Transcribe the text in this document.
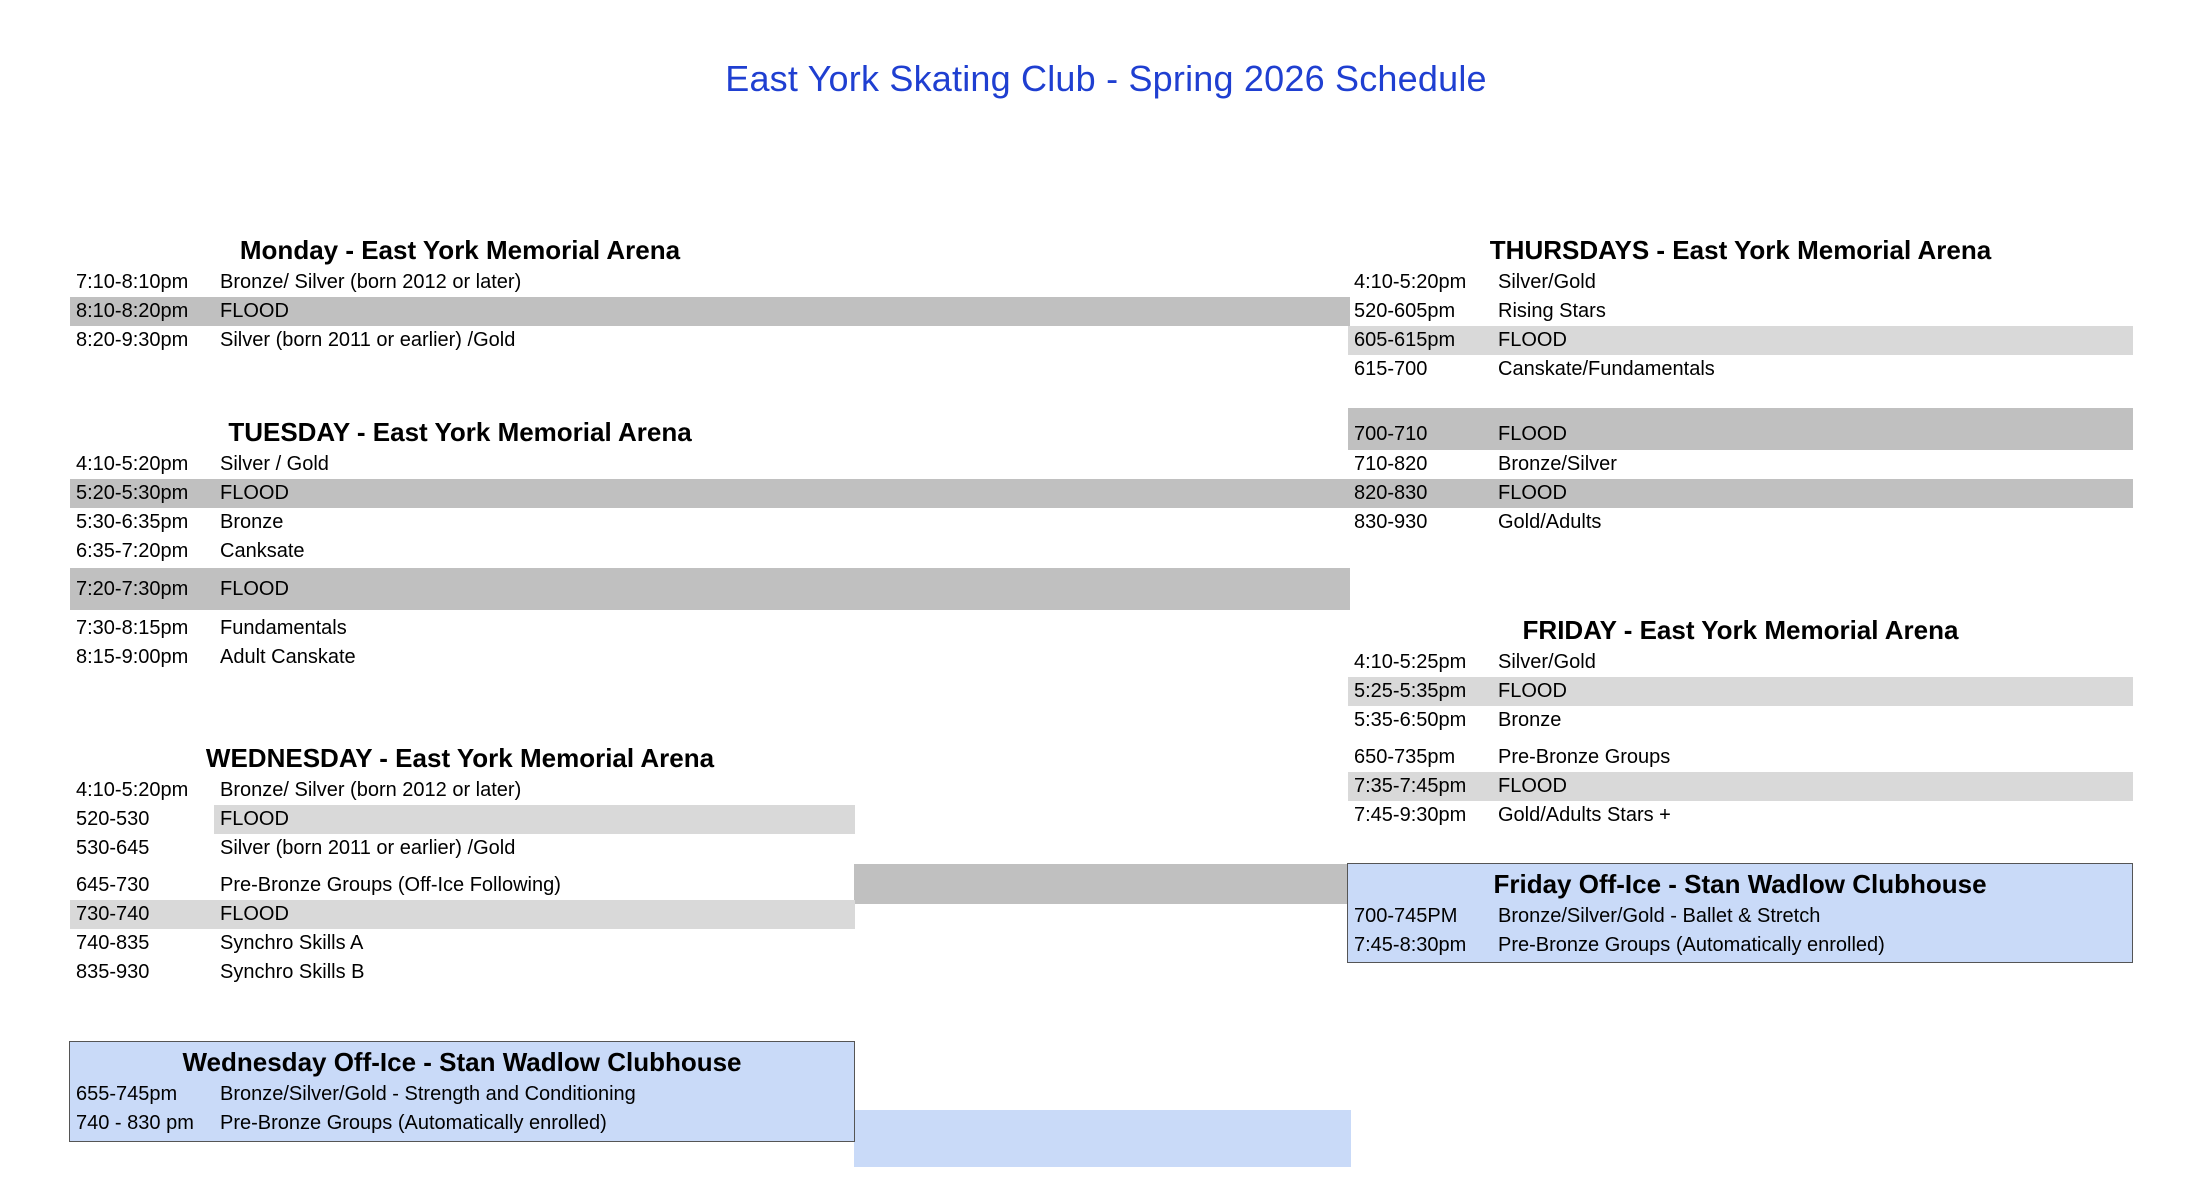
East York Skating Club - Spring 2026 Schedule
Monday - East York Memorial Arena
7:10-8:10pm	Bronze/ Silver (born 2012 or later)
8:10-8:20pm	FLOOD
8:20-9:30pm	Silver (born 2011 or earlier) /Gold
TUESDAY - East York Memorial Arena
4:10-5:20pm	Silver / Gold
5:20-5:30pm	FLOOD
5:30-6:35pm	Bronze
6:35-7:20pm	Canksate
7:20-7:30pm	FLOOD
7:30-8:15pm	Fundamentals
8:15-9:00pm	Adult Canskate
WEDNESDAY - East York Memorial Arena
4:10-5:20pm	Bronze/ Silver (born 2012 or later)
520-530	FLOOD
530-645	Silver (born 2011 or earlier) /Gold
645-730	Pre-Bronze Groups (Off-Ice Following)
730-740	FLOOD
740-835	Synchro Skills A
835-930	Synchro Skills B
Wednesday Off-Ice - Stan Wadlow Clubhouse
655-745pm	Bronze/Silver/Gold - Strength and Conditioning
740 - 830 pm	Pre-Bronze Groups (Automatically enrolled)
THURSDAYS - East York Memorial Arena
4:10-5:20pm	Silver/Gold
520-605pm	Rising Stars
605-615pm	FLOOD
615-700	Canskate/Fundamentals
700-710	FLOOD
710-820	Bronze/Silver
820-830	FLOOD
830-930	Gold/Adults
FRIDAY - East York Memorial Arena
4:10-5:25pm	Silver/Gold
5:25-5:35pm	FLOOD
5:35-6:50pm	Bronze
650-735pm	Pre-Bronze Groups
7:35-7:45pm	FLOOD
7:45-9:30pm	Gold/Adults Stars +
Friday Off-Ice - Stan Wadlow Clubhouse
700-745PM	Bronze/Silver/Gold - Ballet & Stretch
7:45-8:30pm	Pre-Bronze Groups (Automatically enrolled)
